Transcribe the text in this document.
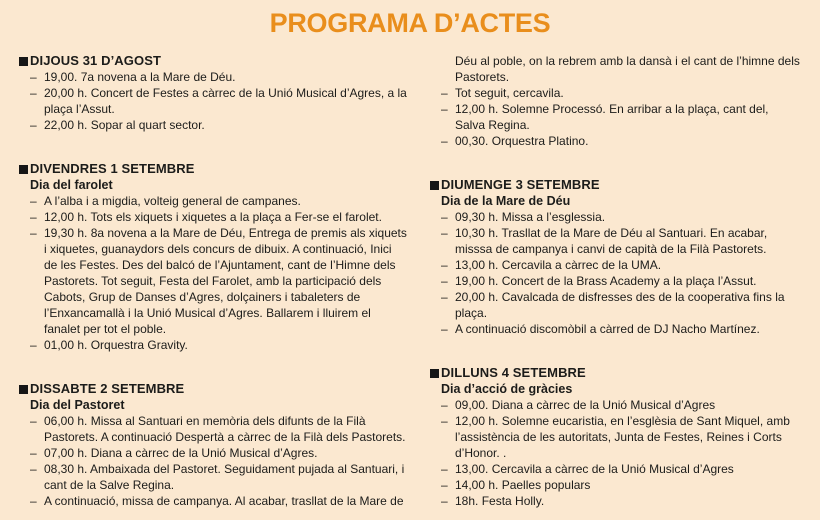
PROGRAMA D’ACTES
DIJOUS 31 D’AGOST
– 19,00. 7a novena a la Mare de Déu.
– 20,00 h. Concert de Festes a càrrec de la Unió Musical d’Agres, a la plaça l’Assut.
– 22,00 h. Sopar al quart sector.
DIVENDRES 1 SETEMBRE
Dia del farolet
– A l’alba i a migdia, volteig general de campanes.
– 12,00 h. Tots els xiquets i xiquetes a la plaça a Fer-se el farolet.
– 19,30 h. 8a novena a la Mare de Déu, Entrega de premis als xiquets i xiquetes, guanaydors dels concurs de dibuix. A continuació, Inici de les Festes. Des del balcó de l’Ajuntament, cant de l’Himne dels Pastorets. Tot seguit, Festa del Farolet, amb la participació dels Cabots, Grup de Danses d’Agres, dolçainers i tabaleters de l’Enxancamallà i la Unió Musical d’Agres. Ballarem i lluirem el fanalet per tot el poble.
– 01,00 h. Orquestra Gravity.
DISSABTE 2 SETEMBRE
Dia del Pastoret
– 06,00 h. Missa al Santuari en memòria dels difunts de la Filà Pastorets. A continuació Despertà a càrrec de la Filà dels Pastorets.
– 07,00 h. Diana a càrrec de la Unió Musical d’Agres.
– 08,30 h. Ambaixada del Pastoret. Seguidament pujada al Santuari, i cant de la Salve Regina.
– A continuació, missa de campanya. Al acabar, trasllat de la Mare de
Déu al poble, on la rebrem amb la dansà i el cant de l’himne dels Pastorets.
– Tot seguit, cercavila.
– 12,00 h. Solemne Processó. En arribar a la plaça, cant del, Salva Regina.
– 00,30. Orquestra Platino.
DIUMENGE 3 SETEMBRE
Dia de la Mare de Déu
– 09,30 h. Missa a l’esglessia.
– 10,30 h. Trasllat de la Mare de Déu al Santuari. En acabar, misssa de campanya i canvi de capità de la Filà Pastorets.
– 13,00 h. Cercavila a càrrec de la UMA.
– 19,00 h. Concert de la Brass Academy a la plaça l’Assut.
– 20,00 h. Cavalcada de disfresses des de la cooperativa fins la plaça.
– A continuació discomòbil a càrred de DJ Nacho Martínez.
DILLUNS 4 SETEMBRE
Dia d’acció de gràcies
– 09,00. Diana a càrrec de la Unió Musical d’Agres
– 12,00 h. Solemne eucaristia, en l’esglèsia de Sant Miquel, amb l’assistència de les autoritats, Junta de Festes, Reines i Corts d’Honor. .
– 13,00. Cercavila a càrrec de la Unió Musical d’Agres
– 14,00 h. Paelles populars
– 18h. Festa Holly.
